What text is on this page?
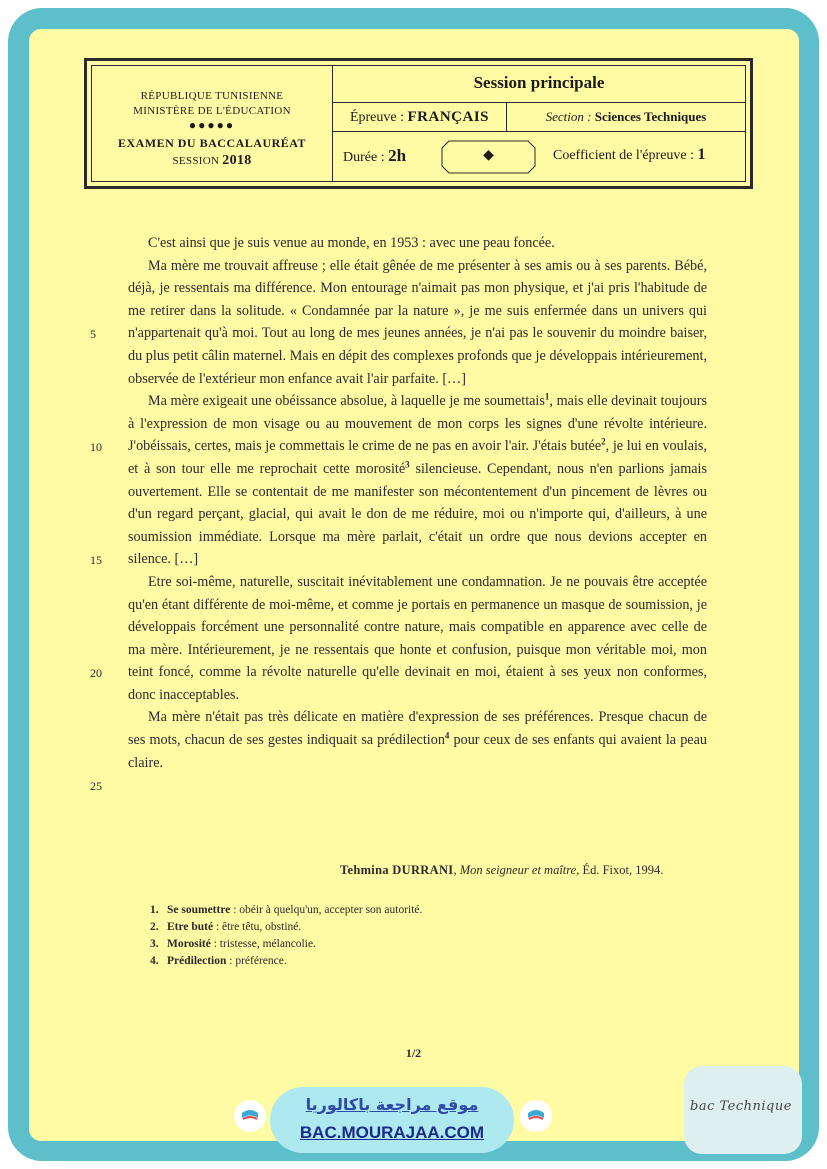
RÉPUBLIQUE TUNISIENNE
MINISTÈRE DE L'ÉDUCATION
●●●●●
EXAMEN DU BACCALAURÉAT
SESSION 2018
Session principale
Épreuve : FRANÇAIS	Section : Sciences Techniques
Durée : 2h	◆	Coefficient de l'épreuve : 1

C'est ainsi que je suis venue au monde, en 1953 : avec une peau foncée.

Ma mère me trouvait affreuse ; elle était gênée de me présenter à ses amis ou à ses parents. Bébé, déjà, je ressentais ma différence. Mon entourage n'aimait pas mon physique, et j'ai pris l'habitude de me retirer dans la solitude. « Condamnée par la nature », je me suis enfermée dans un univers qui n'appartenait qu'à moi. Tout au long de mes jeunes années, je n'ai pas le souvenir du moindre baiser, du plus petit câlin maternel. Mais en dépit des complexes profonds que je développais intérieurement, observée de l'extérieur mon enfance avait l'air parfaite. […]

Ma mère exigeait une obéissance absolue, à laquelle je me soumettais$^1$, mais elle devinait toujours à l'expression de mon visage ou au mouvement de mon corps les signes d'une révolte intérieure. J'obéissais, certes, mais je commettais le crime de ne pas en avoir l'air. J'étais butée$^2$, je lui en voulais, et à son tour elle me reprochait cette morosité$^3$ silencieuse. Cependant, nous n'en parlions jamais ouvertement. Elle se contentait de me manifester son mécontentement d'un pincement de lèvres ou d'un regard perçant, glacial, qui avait le don de me réduire, moi ou n'importe qui, d'ailleurs, à une soumission immédiate. Lorsque ma mère parlait, c'était un ordre que nous devions accepter en silence. […]

Etre soi-même, naturelle, suscitait inévitablement une condamnation. Je ne pouvais être acceptée qu'en étant différente de moi-même, et comme je portais en permanence un masque de soumission, je développais forcément une personnalité contre nature, mais compatible en apparence avec celle de ma mère. Intérieurement, je ne ressentais que honte et confusion, puisque mon véritable moi, mon teint foncé, comme la révolte naturelle qu'elle devinait en moi, étaient à ses yeux non conformes, donc inacceptables.

Ma mère n'était pas très délicate en matière d'expression de ses préférences. Presque chacun de ses mots, chacun de ses gestes indiquait sa prédilection$^4$ pour ceux de ses enfants qui avaient la peau claire.

5
10
15
20
25
Tehmina DURRANI, Mon seigneur et maître, Éd. Fixot, 1994.
1. Se soumettre : obéir à quelqu'un, accepter son autorité.
2. Etre buté : être têtu, obstiné.
3. Morosité : tristesse, mélancolie.
4. Prédilection : préférence.
1/2
موقع مراجعة باكالوريا
BAC.MOURAJAA.COM
bac Technique
